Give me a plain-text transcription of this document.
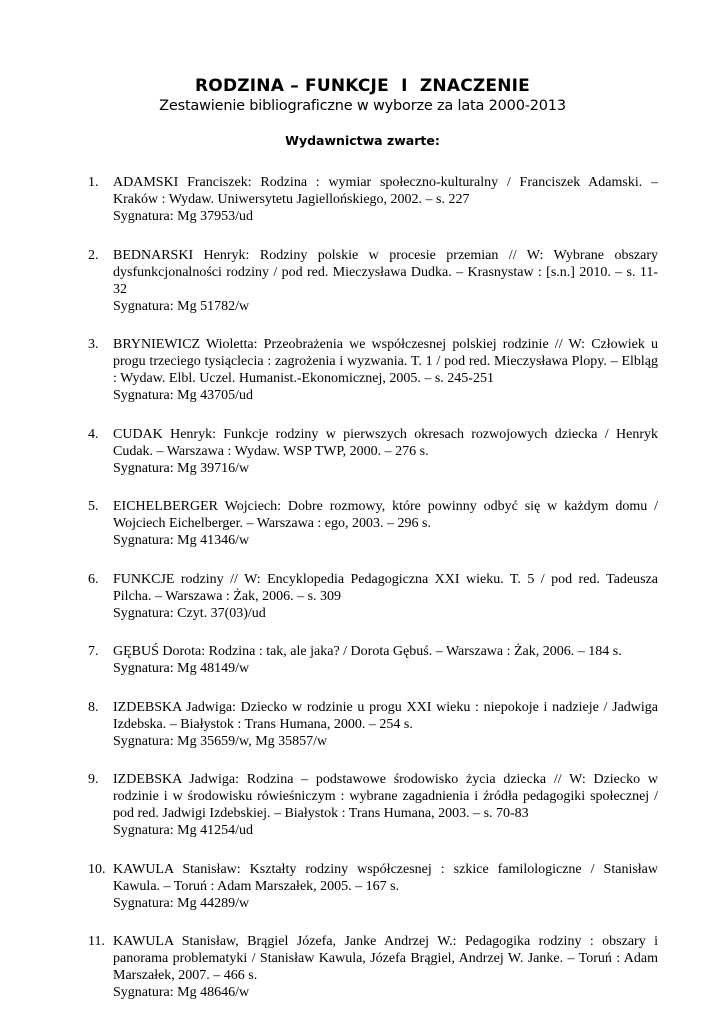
RODZINA – FUNKCJE  I  ZNACZENIE
Zestawienie bibliograficzne w wyborze za lata 2000-2013
Wydawnictwa zwarte:
1. ADAMSKI Franciszek: Rodzina : wymiar społeczno-kulturalny / Franciszek Adamski. – Kraków : Wydaw. Uniwersytetu Jagiellońskiego, 2002. – s. 227
Sygnatura: Mg 37953/ud
2. BEDNARSKI Henryk: Rodziny polskie w procesie przemian // W: Wybrane obszary dysfunkcjonalności rodziny / pod red. Mieczysława Dudka. – Krasnystaw : [s.n.] 2010. – s. 11-32
Sygnatura: Mg 51782/w
3. BRYNIEWICZ Wioletta: Przeobrażenia we współczesnej polskiej rodzinie // W: Człowiek u progu trzeciego tysiąclecia : zagrożenia i wyzwania. T. 1 / pod red. Mieczysława Plopy. – Elbląg : Wydaw. Elbl. Uczel. Humanist.-Ekonomicznej, 2005. – s. 245-251
Sygnatura: Mg 43705/ud
4. CUDAK Henryk: Funkcje rodziny w pierwszych okresach rozwojowych dziecka / Henryk Cudak. – Warszawa : Wydaw. WSP TWP, 2000. – 276 s.
Sygnatura: Mg 39716/w
5. EICHELBERGER Wojciech: Dobre rozmowy, które powinny odbyć się w każdym domu / Wojciech Eichelberger. – Warszawa : ego, 2003. – 296 s.
Sygnatura: Mg 41346/w
6. FUNKCJE rodziny // W: Encyklopedia Pedagogiczna XXI wieku. T. 5 / pod red. Tadeusza Pilcha. – Warszawa : Żak, 2006. – s. 309
Sygnatura: Czyt. 37(03)/ud
7. GĘBUŚ Dorota: Rodzina : tak, ale jaka? / Dorota Gębuś. – Warszawa : Żak, 2006. – 184 s.
Sygnatura: Mg 48149/w
8. IZDEBSKA Jadwiga: Dziecko w rodzinie u progu XXI wieku : niepokoje i nadzieje / Jadwiga Izdebska. – Białystok : Trans Humana, 2000. – 254 s.
Sygnatura: Mg 35659/w, Mg 35857/w
9. IZDEBSKA Jadwiga: Rodzina – podstawowe środowisko życia dziecka // W: Dziecko w rodzinie i w środowisku rówieśniczym : wybrane zagadnienia i źródła pedagogiki społecznej / pod red. Jadwigi Izdebskiej. – Białystok : Trans Humana, 2003. – s. 70-83
Sygnatura: Mg 41254/ud
10. KAWULA Stanisław: Kształty rodziny współczesnej : szkice familologiczne / Stanisław Kawula. – Toruń : Adam Marszałek, 2005. – 167 s.
Sygnatura: Mg 44289/w
11. KAWULA Stanisław, Brągiel Józefa, Janke Andrzej W.: Pedagogika rodziny : obszary i panorama problematyki / Stanisław Kawula, Józefa Brągiel, Andrzej W. Janke. – Toruń : Adam Marszałek, 2007. – 466 s.
Sygnatura: Mg 48646/w
